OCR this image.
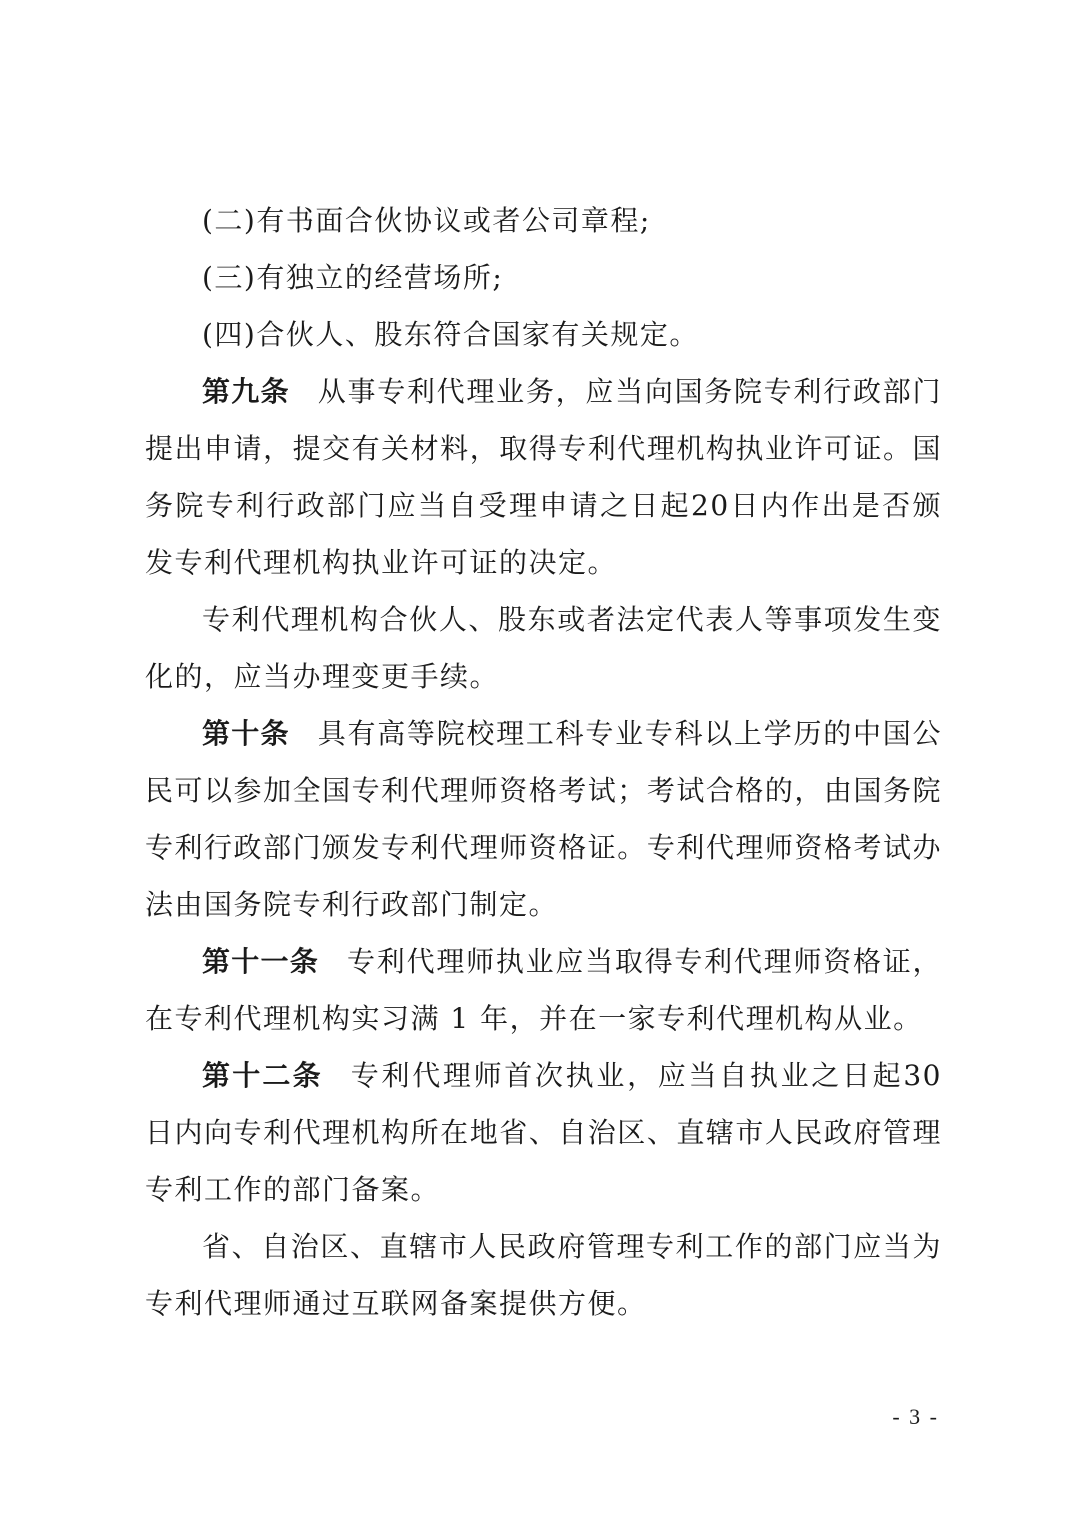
(二)有书面合伙协议或者公司章程;

(三)有独立的经营场所;

(四)合伙人、股东符合国家有关规定。

第九条 从事专利代理业务，应当向国务院专利行政部门提出申请，提交有关材料，取得专利代理机构执业许可证。国务院专利行政部门应当自受理申请之日起20日内作出是否颁发专利代理机构执业许可证的决定。

专利代理机构合伙人、股东或者法定代表人等事项发生变化的，应当办理变更手续。

第十条 具有高等院校理工科专业专科以上学历的中国公民可以参加全国专利代理师资格考试；考试合格的，由国务院专利行政部门颁发专利代理师资格证。专利代理师资格考试办法由国务院专利行政部门制定。

第十一条 专利代理师执业应当取得专利代理师资格证，在专利代理机构实习满 1 年，并在一家专利代理机构从业。

第十二条 专利代理师首次执业，应当自执业之日起30日内向专利代理机构所在地省、自治区、直辖市人民政府管理专利工作的部门备案。

省、自治区、直辖市人民政府管理专利工作的部门应当为专利代理师通过互联网备案提供方便。

- 3 -
